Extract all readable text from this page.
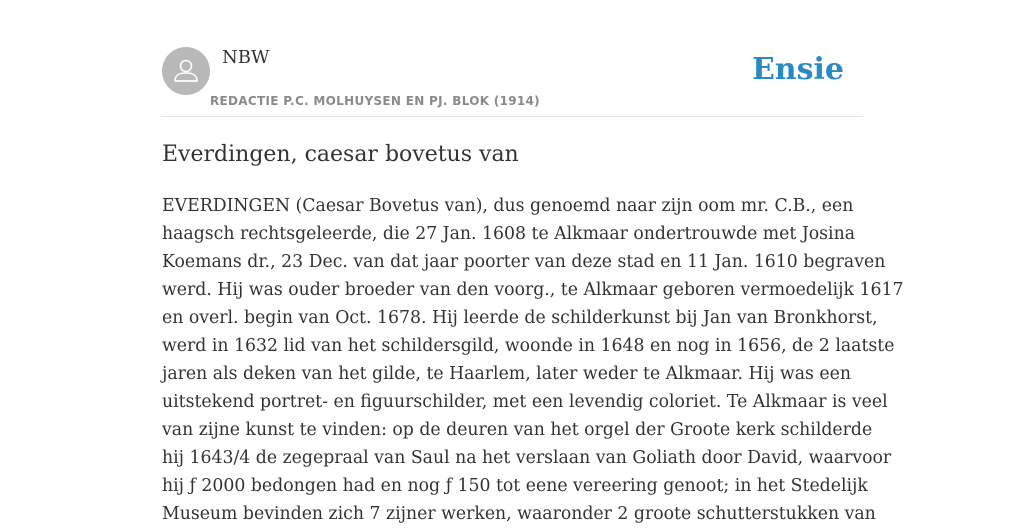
NBW
REDACTIE P.C. MOLHUYSEN EN PJ. BLOK (1914)
Ensie
Everdingen, caesar bovetus van
EVERDINGEN (Caesar Bovetus van), dus genoemd naar zijn oom mr. C.B., een
haagsch rechtsgeleerde, die 27 Jan. 1608 te Alkmaar ondertrouwde met Josina
Koemans dr., 23 Dec. van dat jaar poorter van deze stad en 11 Jan. 1610 begraven
werd. Hij was ouder broeder van den voorg., te Alkmaar geboren vermoedelijk 1617
en overl. begin van Oct. 1678. Hij leerde de schilderkunst bij Jan van Bronkhorst,
werd in 1632 lid van het schildersgild, woonde in 1648 en nog in 1656, de 2 laatste
jaren als deken van het gilde, te Haarlem, later weder te Alkmaar. Hij was een
uitstekend portret- en figuurschilder, met een levendig coloriet. Te Alkmaar is veel
van zijne kunst te vinden: op de deuren van het orgel der Groote kerk schilderde
hij 1643/4 de zegepraal van Saul na het verslaan van Goliath door David, waarvoor
hij ƒ 2000 bedongen had en nog ƒ 150 tot eene vereering genoot; in het Stedelijk
Museum bevinden zich 7 zijner werken, waaronder 2 groote schutterstukken van
